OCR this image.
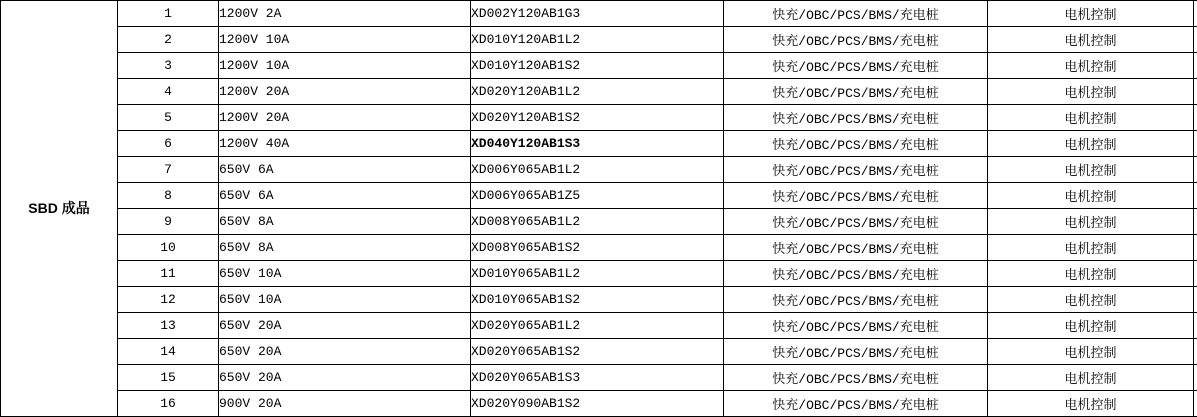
SBD 成品	1	1200V 2A	XD002Y120AB1G3	快充/OBC/PCS/BMS/充电桩	电机控制	
	2	1200V 10A	XD010Y120AB1L2	快充/OBC/PCS/BMS/充电桩	电机控制	
	3	1200V 10A	XD010Y120AB1S2	快充/OBC/PCS/BMS/充电桩	电机控制	
	4	1200V 20A	XD020Y120AB1L2	快充/OBC/PCS/BMS/充电桩	电机控制	
	5	1200V 20A	XD020Y120AB1S2	快充/OBC/PCS/BMS/充电桩	电机控制	
	6	1200V 40A	XD040Y120AB1S3	快充/OBC/PCS/BMS/充电桩	电机控制	
	7	650V 6A	XD006Y065AB1L2	快充/OBC/PCS/BMS/充电桩	电机控制	
	8	650V 6A	XD006Y065AB1Z5	快充/OBC/PCS/BMS/充电桩	电机控制	
	9	650V 8A	XD008Y065AB1L2	快充/OBC/PCS/BMS/充电桩	电机控制	
	10	650V 8A	XD008Y065AB1S2	快充/OBC/PCS/BMS/充电桩	电机控制	
	11	650V 10A	XD010Y065AB1L2	快充/OBC/PCS/BMS/充电桩	电机控制	
	12	650V 10A	XD010Y065AB1S2	快充/OBC/PCS/BMS/充电桩	电机控制	
	13	650V 20A	XD020Y065AB1L2	快充/OBC/PCS/BMS/充电桩	电机控制	
	14	650V 20A	XD020Y065AB1S2	快充/OBC/PCS/BMS/充电桩	电机控制	
	15	650V 20A	XD020Y065AB1S3	快充/OBC/PCS/BMS/充电桩	电机控制	
	16	900V 20A	XD020Y090AB1S2	快充/OBC/PCS/BMS/充电桩	电机控制	
